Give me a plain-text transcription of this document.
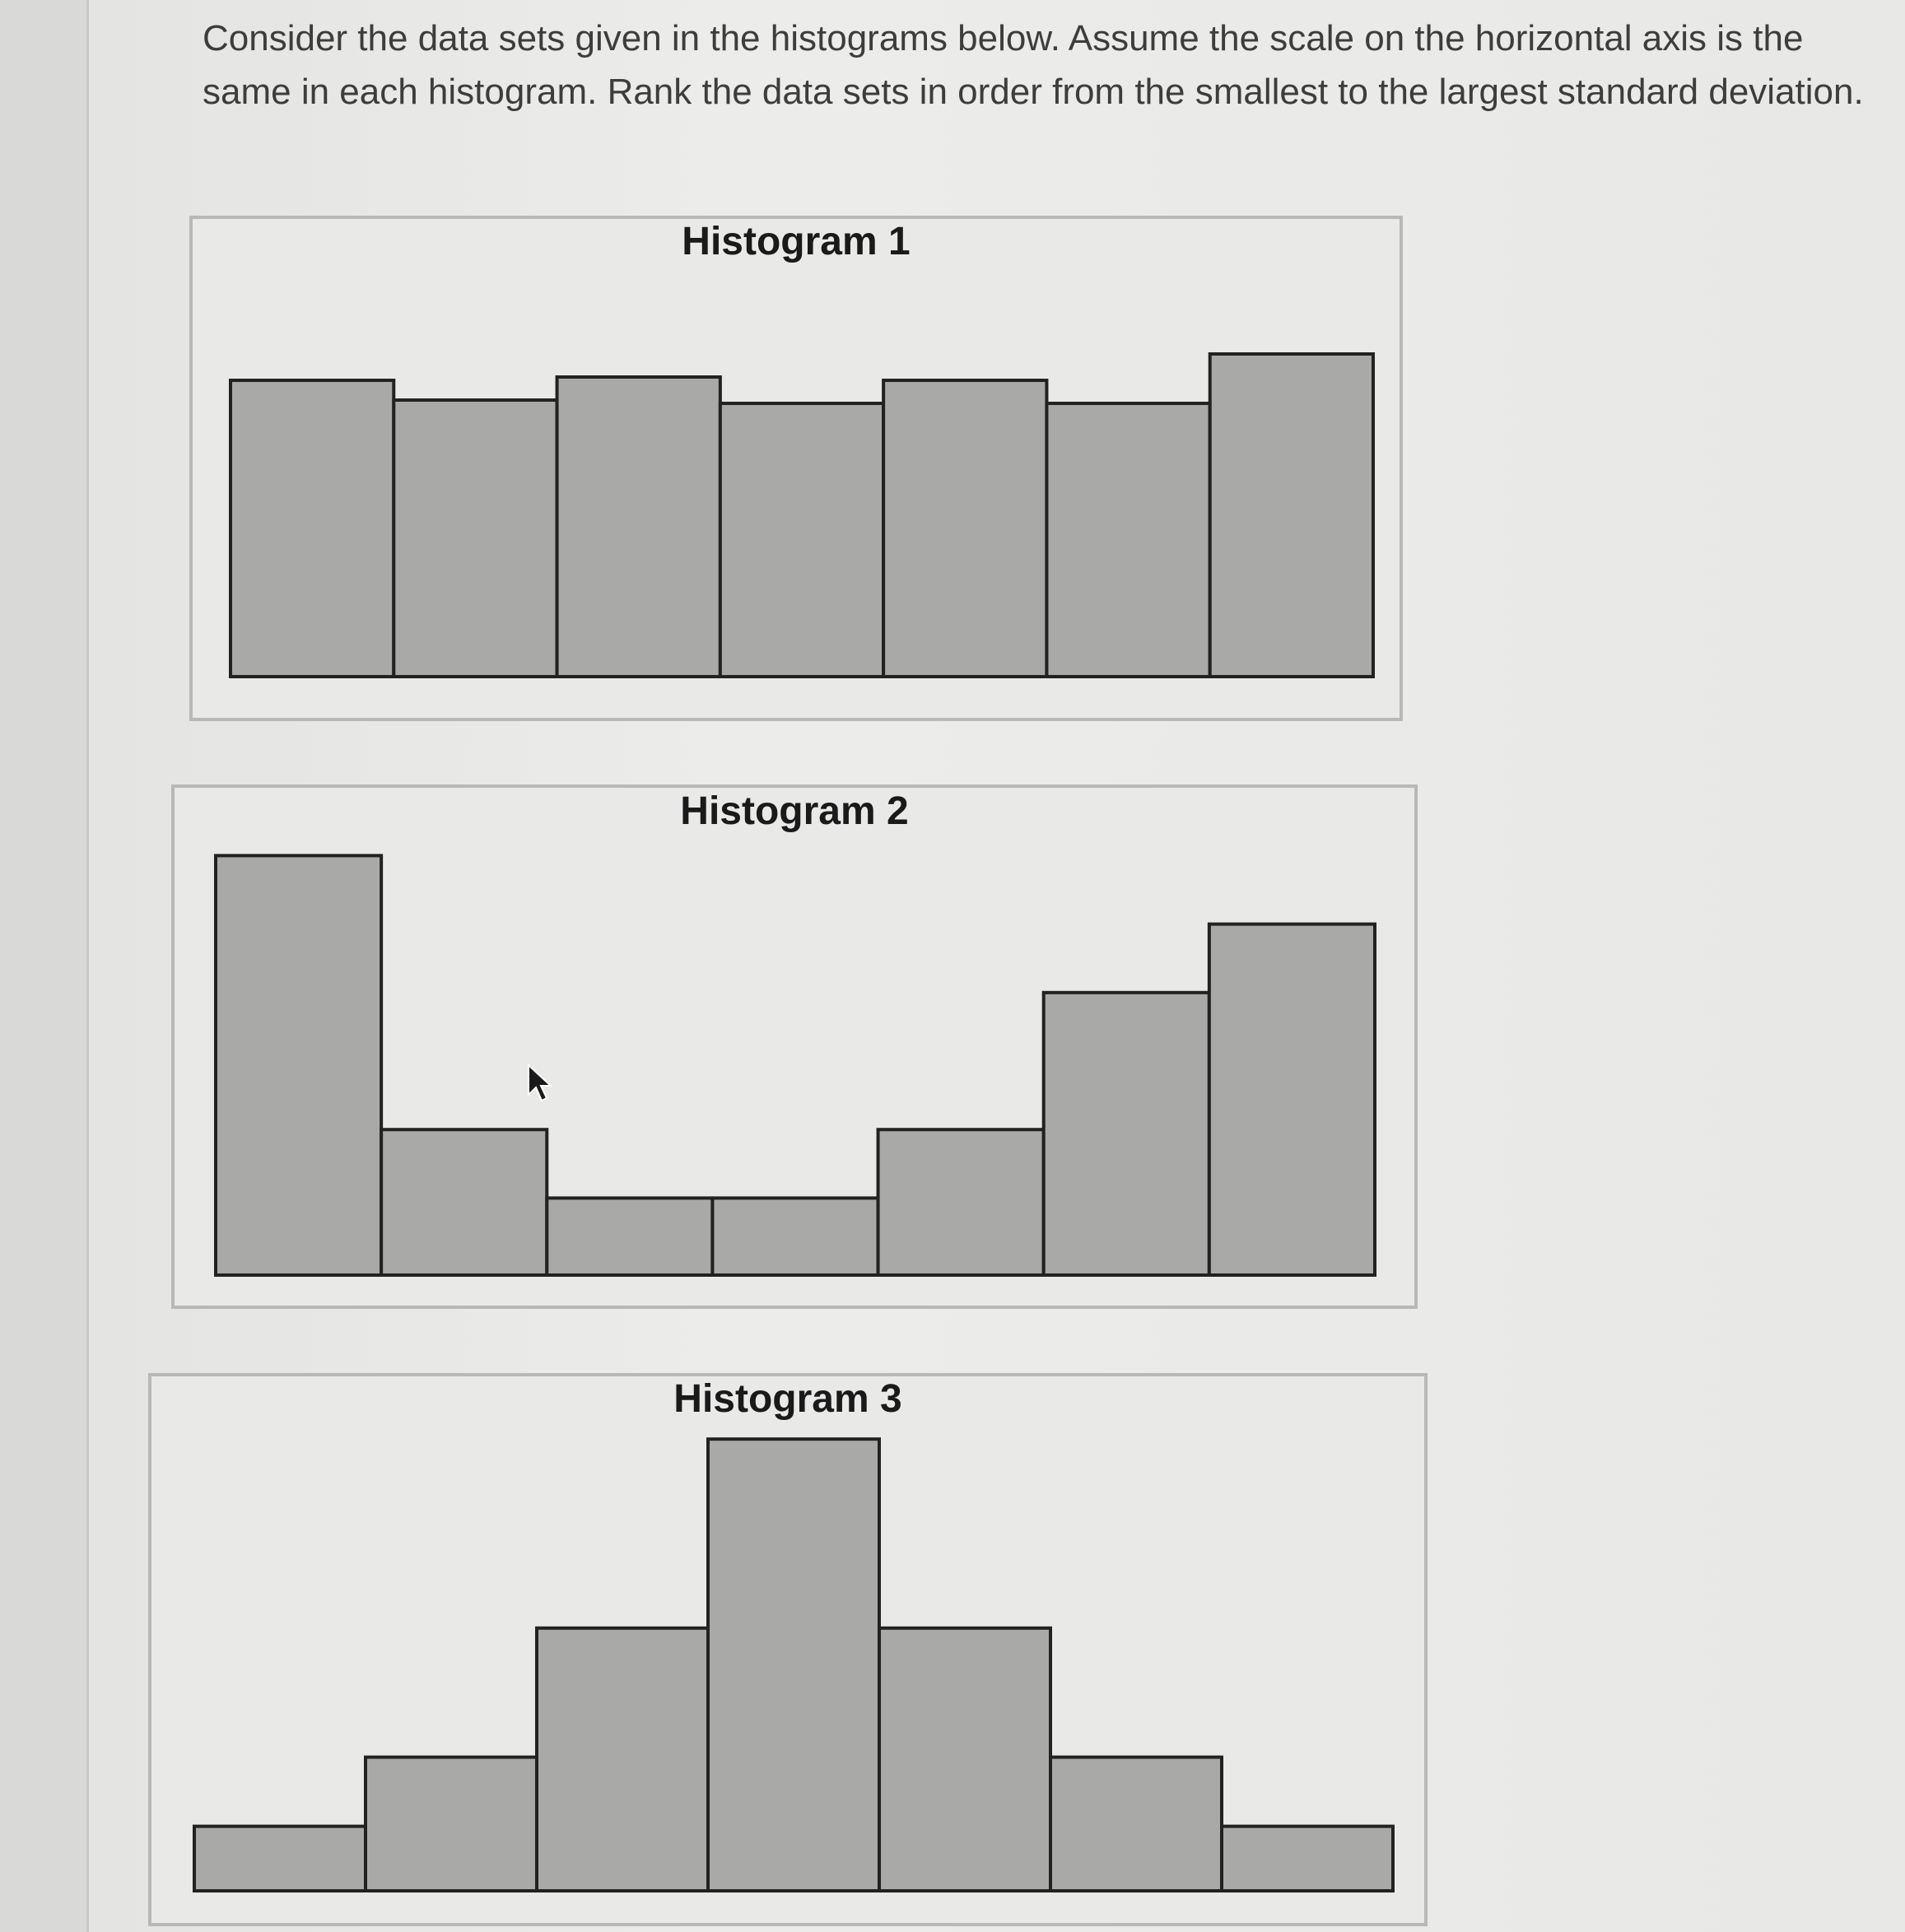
Consider the data sets given in the histograms below. Assume the scale on the horizontal axis is the same in each histogram. Rank the data sets in order from the smallest to the largest standard deviation.

Histogram 1
Histogram 2
Histogram 3
